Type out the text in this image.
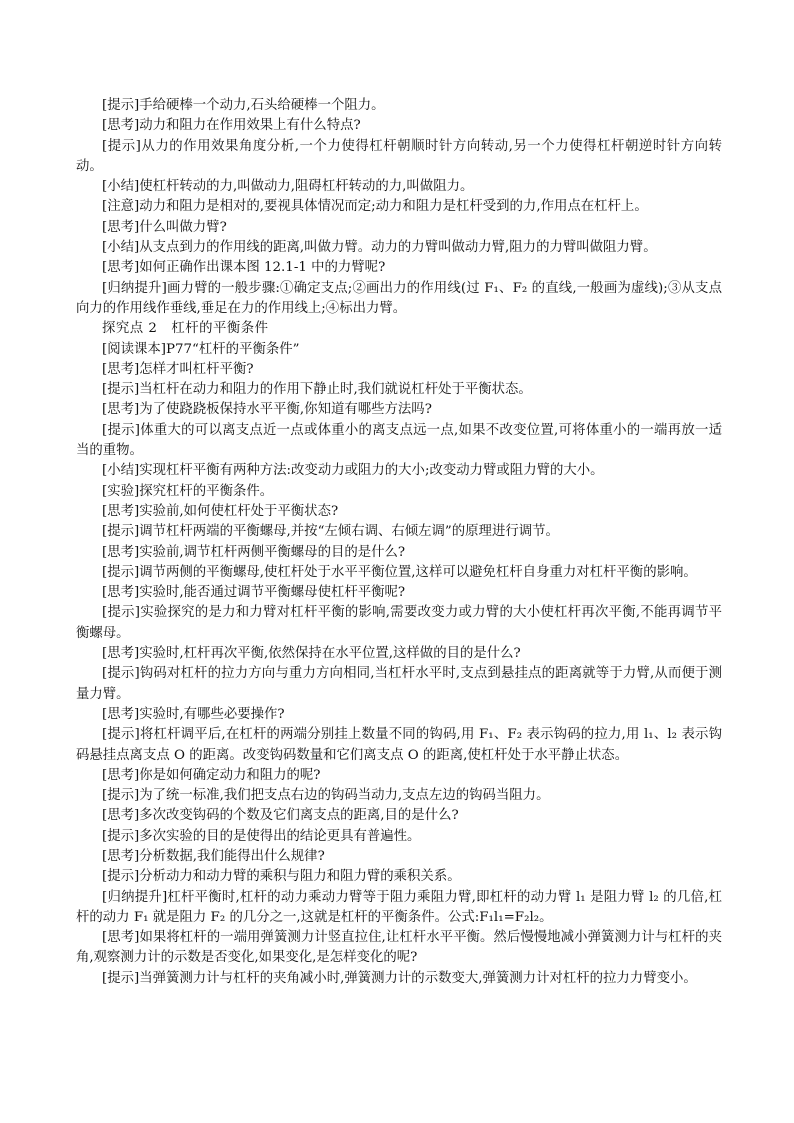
[提示]手给硬棒一个动力,石头给硬棒一个阻力。

[思考]动力和阻力在作用效果上有什么特点?

[提示]从力的作用效果角度分析,一个力使得杠杆朝顺时针方向转动,另一个力使得杠杆朝逆时针方向转动。

[小结]使杠杆转动的力,叫做动力,阻碍杠杆转动的力,叫做阻力。

[注意]动力和阻力是相对的,要视具体情况而定;动力和阻力是杠杆受到的力,作用点在杠杆上。

[思考]什么叫做力臂?

[小结]从支点到力的作用线的距离,叫做力臂。动力的力臂叫做动力臂,阻力的力臂叫做阻力臂。

[思考]如何正确作出课本图 12.1-1 中的力臂呢?

[归纳提升]画力臂的一般步骤:①确定支点;②画出力的作用线(过 F₁、F₂ 的直线,一般画为虚线);③从支点向力的作用线作垂线,垂足在力的作用线上;④标出力臂。

探究点 2　杠杆的平衡条件

[阅读课本]P77“杠杆的平衡条件”

[思考]怎样才叫杠杆平衡?

[提示]当杠杆在动力和阻力的作用下静止时,我们就说杠杆处于平衡状态。

[思考]为了使跷跷板保持水平平衡,你知道有哪些方法吗?

[提示]体重大的可以离支点近一点或体重小的离支点远一点,如果不改变位置,可将体重小的一端再放一适当的重物。

[小结]实现杠杆平衡有两种方法:改变动力或阻力的大小;改变动力臂或阻力臂的大小。

[实验]探究杠杆的平衡条件。

[思考]实验前,如何使杠杆处于平衡状态?

[提示]调节杠杆两端的平衡螺母,并按“左倾右调、右倾左调”的原理进行调节。

[思考]实验前,调节杠杆两侧平衡螺母的目的是什么?

[提示]调节两侧的平衡螺母,使杠杆处于水平平衡位置,这样可以避免杠杆自身重力对杠杆平衡的影响。

[思考]实验时,能否通过调节平衡螺母使杠杆平衡呢?

[提示]实验探究的是力和力臂对杠杆平衡的影响,需要改变力或力臂的大小使杠杆再次平衡,不能再调节平衡螺母。

[思考]实验时,杠杆再次平衡,依然保持在水平位置,这样做的目的是什么?

[提示]钩码对杠杆的拉力方向与重力方向相同,当杠杆水平时,支点到悬挂点的距离就等于力臂,从而便于测量力臂。

[思考]实验时,有哪些必要操作?

[提示]将杠杆调平后,在杠杆的两端分别挂上数量不同的钩码,用 F₁、F₂ 表示钩码的拉力,用 l₁、l₂ 表示钩码悬挂点离支点 O 的距离。改变钩码数量和它们离支点 O 的距离,使杠杆处于水平静止状态。

[思考]你是如何确定动力和阻力的呢?

[提示]为了统一标准,我们把支点右边的钩码当动力,支点左边的钩码当阻力。

[思考]多次改变钩码的个数及它们离支点的距离,目的是什么?

[提示]多次实验的目的是使得出的结论更具有普遍性。

[思考]分析数据,我们能得出什么规律?

[提示]分析动力和动力臂的乘积与阻力和阻力臂的乘积关系。

[归纳提升]杠杆平衡时,杠杆的动力乘动力臂等于阻力乘阻力臂,即杠杆的动力臂 l₁ 是阻力臂 l₂ 的几倍,杠杆的动力 F₁ 就是阻力 F₂ 的几分之一,这就是杠杆的平衡条件。公式:F₁l₁=F₂l₂。

[思考]如果将杠杆的一端用弹簧测力计竖直拉住,让杠杆水平平衡。然后慢慢地减小弹簧测力计与杠杆的夹角,观察测力计的示数是否变化,如果变化,是怎样变化的呢?

[提示]当弹簧测力计与杠杆的夹角减小时,弹簧测力计的示数变大,弹簧测力计对杠杆的拉力力臂变小。
